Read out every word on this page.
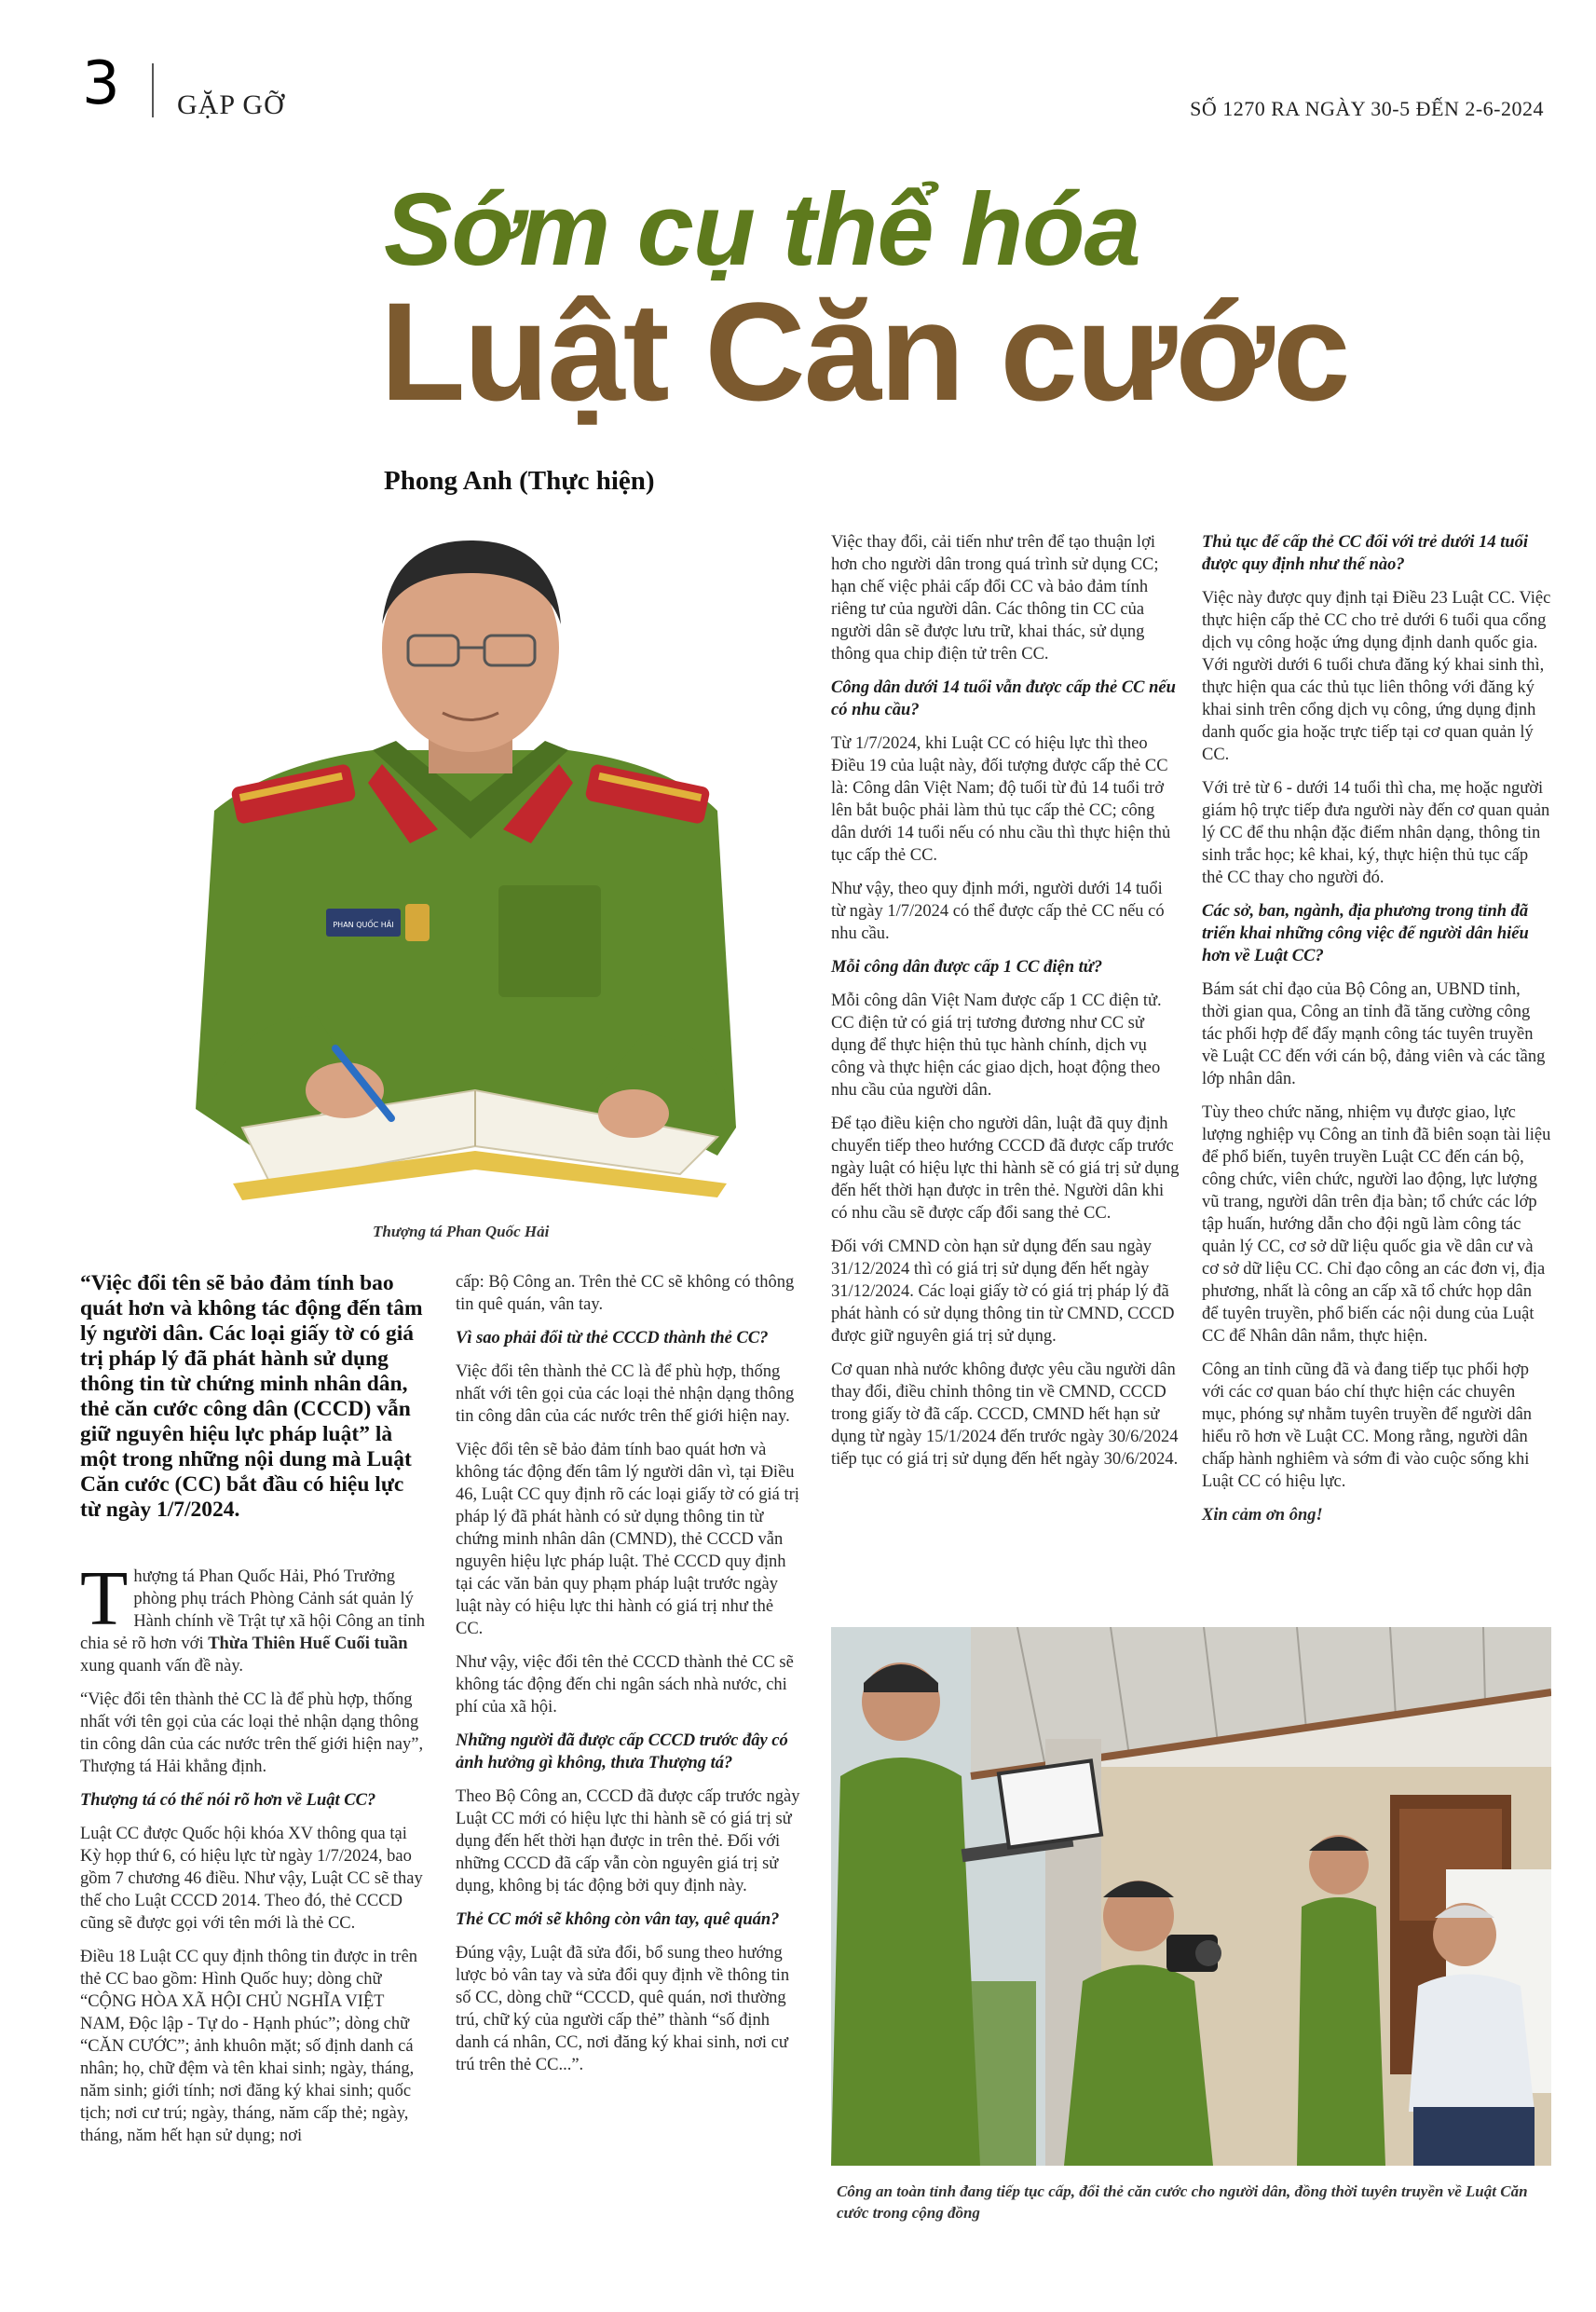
3 GẶP GỠ	SỐ 1270 RA NGÀY 30-5 ĐẾN 2-6-2024
Sớm cụ thể hóa
Luật Căn cước
Phong Anh (Thực hiện)
PHAN QUỐC HẢI
Thượng tá Phan Quốc Hải
“Việc đổi tên sẽ bảo đảm tính bao quát hơn và không tác động đến tâm lý người dân. Các loại giấy tờ có giá trị pháp lý đã phát hành sử dụng thông tin từ chứng minh nhân dân, thẻ căn cước công dân (CCCD) vẫn giữ nguyên hiệu lực pháp luật” là một trong những nội dung mà Luật Căn cước (CC) bắt đầu có hiệu lực từ ngày 1/7/2024.

Thượng tá Phan Quốc Hải, Phó Trưởng phòng phụ trách Phòng Cảnh sát quản lý Hành chính về Trật tự xã hội Công an tỉnh chia sẻ rõ hơn với Thừa Thiên Huế Cuối tuần xung quanh vấn đề này.

“Việc đổi tên thành thẻ CC là để phù hợp, thống nhất với tên gọi của các loại thẻ nhận dạng thông tin công dân của các nước trên thế giới hiện nay”, Thượng tá Hải khẳng định.

Thượng tá có thể nói rõ hơn về Luật CC?

Luật CC được Quốc hội khóa XV thông qua tại Kỳ họp thứ 6, có hiệu lực từ ngày 1/7/2024, bao gồm 7 chương 46 điều. Như vậy, Luật CC sẽ thay thế cho Luật CCCD 2014. Theo đó, thẻ CCCD cũng sẽ được gọi với tên mới là thẻ CC.

Điều 18 Luật CC quy định thông tin được in trên thẻ CC bao gồm: Hình Quốc huy; dòng chữ “CỘNG HÒA XÃ HỘI CHỦ NGHĨA VIỆT NAM, Độc lập - Tự do - Hạnh phúc”; dòng chữ “CĂN CƯỚC”; ảnh khuôn mặt; số định danh cá nhân; họ, chữ đệm và tên khai sinh; ngày, tháng, năm sinh; giới tính; nơi đăng ký khai sinh; quốc tịch; nơi cư trú; ngày, tháng, năm cấp thẻ; ngày, tháng, năm hết hạn sử dụng; nơi

cấp: Bộ Công an. Trên thẻ CC sẽ không có thông tin quê quán, vân tay.

Vì sao phải đổi từ thẻ CCCD thành thẻ CC?

Việc đổi tên thành thẻ CC là để phù hợp, thống nhất với tên gọi của các loại thẻ nhận dạng thông tin công dân của các nước trên thế giới hiện nay.

Việc đổi tên sẽ bảo đảm tính bao quát hơn và không tác động đến tâm lý người dân vì, tại Điều 46, Luật CC quy định rõ các loại giấy tờ có giá trị pháp lý đã phát hành có sử dụng thông tin từ chứng minh nhân dân (CMND), thẻ CCCD vẫn nguyên hiệu lực pháp luật. Thẻ CCCD quy định tại các văn bản quy phạm pháp luật trước ngày luật này có hiệu lực thi hành có giá trị như thẻ CC.

Như vậy, việc đổi tên thẻ CCCD thành thẻ CC sẽ không tác động đến chi ngân sách nhà nước, chi phí của xã hội.

Những người đã được cấp CCCD trước đây có ảnh hưởng gì không, thưa Thượng tá?

Theo Bộ Công an, CCCD đã được cấp trước ngày Luật CC mới có hiệu lực thi hành sẽ có giá trị sử dụng đến hết thời hạn được in trên thẻ. Đối với những CCCD đã cấp vẫn còn nguyên giá trị sử dụng, không bị tác động bởi quy định này.

Thẻ CC mới sẽ không còn vân tay, quê quán?

Đúng vậy, Luật đã sửa đổi, bổ sung theo hướng lược bỏ vân tay và sửa đổi quy định về thông tin số CC, dòng chữ “CCCD, quê quán, nơi thường trú, chữ ký của người cấp thẻ” thành “số định danh cá nhân, CC, nơi đăng ký khai sinh, nơi cư trú trên thẻ CC...”.

Việc thay đổi, cải tiến như trên để tạo thuận lợi hơn cho người dân trong quá trình sử dụng CC; hạn chế việc phải cấp đổi CC và bảo đảm tính riêng tư của người dân. Các thông tin CC của người dân sẽ được lưu trữ, khai thác, sử dụng thông qua chip điện tử trên CC.

Công dân dưới 14 tuổi vẫn được cấp thẻ CC nếu có nhu cầu?

Từ 1/7/2024, khi Luật CC có hiệu lực thì theo Điều 19 của luật này, đối tượng được cấp thẻ CC là: Công dân Việt Nam; độ tuổi từ đủ 14 tuổi trở lên bắt buộc phải làm thủ tục cấp thẻ CC; công dân dưới 14 tuổi nếu có nhu cầu thì thực hiện thủ tục cấp thẻ CC.

Như vậy, theo quy định mới, người dưới 14 tuổi từ ngày 1/7/2024 có thể được cấp thẻ CC nếu có nhu cầu.

Mỗi công dân được cấp 1 CC điện tử?

Mỗi công dân Việt Nam được cấp 1 CC điện tử. CC điện tử có giá trị tương đương như CC sử dụng để thực hiện thủ tục hành chính, dịch vụ công và thực hiện các giao dịch, hoạt động theo nhu cầu của người dân.

Để tạo điều kiện cho người dân, luật đã quy định chuyển tiếp theo hướng CCCD đã được cấp trước ngày luật có hiệu lực thi hành sẽ có giá trị sử dụng đến hết thời hạn được in trên thẻ. Người dân khi có nhu cầu sẽ được cấp đổi sang thẻ CC.

Đối với CMND còn hạn sử dụng đến sau ngày 31/12/2024 thì có giá trị sử dụng đến hết ngày 31/12/2024. Các loại giấy tờ có giá trị pháp lý đã phát hành có sử dụng thông tin từ CMND, CCCD được giữ nguyên giá trị sử dụng.

Cơ quan nhà nước không được yêu cầu người dân thay đổi, điều chỉnh thông tin về CMND, CCCD trong giấy tờ đã cấp. CCCD, CMND hết hạn sử dụng từ ngày 15/1/2024 đến trước ngày 30/6/2024 tiếp tục có giá trị sử dụng đến hết ngày 30/6/2024.

Thủ tục để cấp thẻ CC đối với trẻ dưới 14 tuổi được quy định như thế nào?

Việc này được quy định tại Điều 23 Luật CC. Việc thực hiện cấp thẻ CC cho trẻ dưới 6 tuổi qua cổng dịch vụ công hoặc ứng dụng định danh quốc gia. Với người dưới 6 tuổi chưa đăng ký khai sinh thì, thực hiện qua các thủ tục liên thông với đăng ký khai sinh trên cổng dịch vụ công, ứng dụng định danh quốc gia hoặc trực tiếp tại cơ quan quản lý CC.

Với trẻ từ 6 - dưới 14 tuổi thì cha, mẹ hoặc người giám hộ trực tiếp đưa người này đến cơ quan quản lý CC để thu nhận đặc điểm nhân dạng, thông tin sinh trắc học; kê khai, ký, thực hiện thủ tục cấp thẻ CC thay cho người đó.

Các sở, ban, ngành, địa phương trong tỉnh đã triển khai những công việc để người dân hiểu hơn về Luật CC?

Bám sát chỉ đạo của Bộ Công an, UBND tỉnh, thời gian qua, Công an tỉnh đã tăng cường công tác phối hợp để đẩy mạnh công tác tuyên truyền về Luật CC đến với cán bộ, đảng viên và các tầng lớp nhân dân.

Tùy theo chức năng, nhiệm vụ được giao, lực lượng nghiệp vụ Công an tỉnh đã biên soạn tài liệu để phổ biến, tuyên truyền Luật CC đến cán bộ, công chức, viên chức, người lao động, lực lượng vũ trang, người dân trên địa bàn; tổ chức các lớp tập huấn, hướng dẫn cho đội ngũ làm công tác quản lý CC, cơ sở dữ liệu quốc gia về dân cư và cơ sở dữ liệu CC. Chỉ đạo công an các đơn vị, địa phương, nhất là công an cấp xã tổ chức họp dân để tuyên truyền, phổ biến các nội dung của Luật CC để Nhân dân nắm, thực hiện.

Công an tỉnh cũng đã và đang tiếp tục phối hợp với các cơ quan báo chí thực hiện các chuyên mục, phóng sự nhằm tuyên truyền để người dân hiểu rõ hơn về Luật CC. Mong rằng, người dân chấp hành nghiêm và sớm đi vào cuộc sống khi Luật CC có hiệu lực.

Xin cảm ơn ông!

Công an toàn tỉnh đang tiếp tục cấp, đổi thẻ căn cước cho người dân, đồng thời tuyên truyền về Luật Căn cước trong cộng đồng
